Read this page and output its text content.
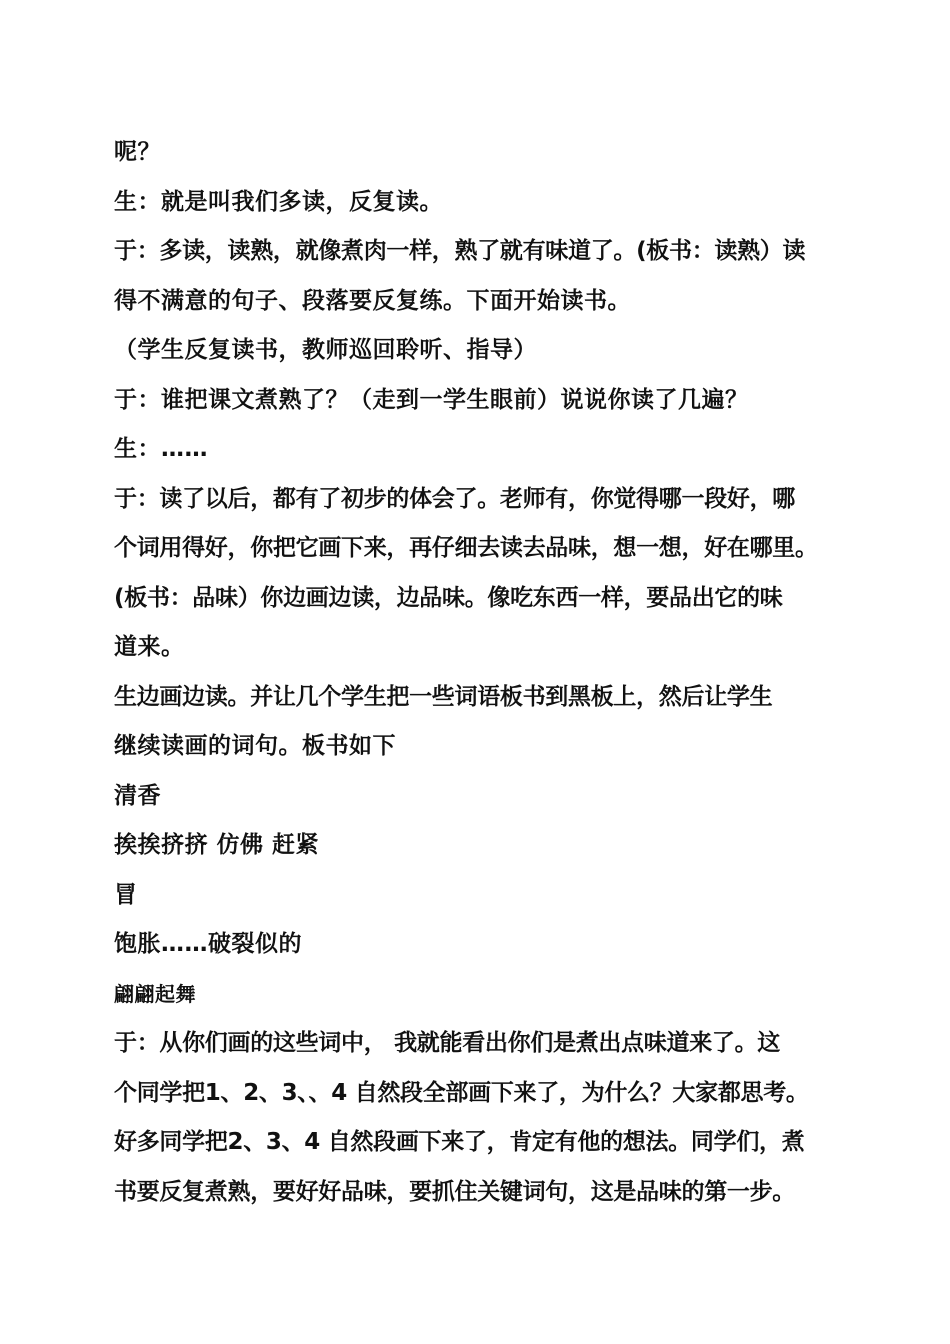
呢？
生：就是叫我们多读，反复读。
于：多读，读熟，就像煮肉一样，熟了就有味道了。(板书：读熟）读
得不满意的句子、段落要反复练。下面开始读书。
（学生反复读书，教师巡回聆听、指导）
于：谁把课文煮熟了？（走到一学生眼前）说说你读了几遍？
生：……
于：读了以后，都有了初步的体会了。老师有，你觉得哪一段好，哪
个词用得好，你把它画下来，再仔细去读去品味，想一想，好在哪里。
(板书：品味）你边画边读，边品味。像吃东西一样，要品出它的味
道来。
生边画边读。并让几个学生把一些词语板书到黑板上，然后让学生
继续读画的词句。板书如下
清香
挨挨挤挤 仿佛 赶紧
冒
饱胀……破裂似的
翩翩起舞
于：从你们画的这些词中， 我就能看出你们是煮出点味道来了。这
个同学把1、2、3、、4 自然段全部画下来了，为什么？大家都思考。
好多同学把2、3、4 自然段画下来了，肯定有他的想法。同学们，煮
书要反复煮熟，要好好品味，要抓住关键词句，这是品味的第一步。
